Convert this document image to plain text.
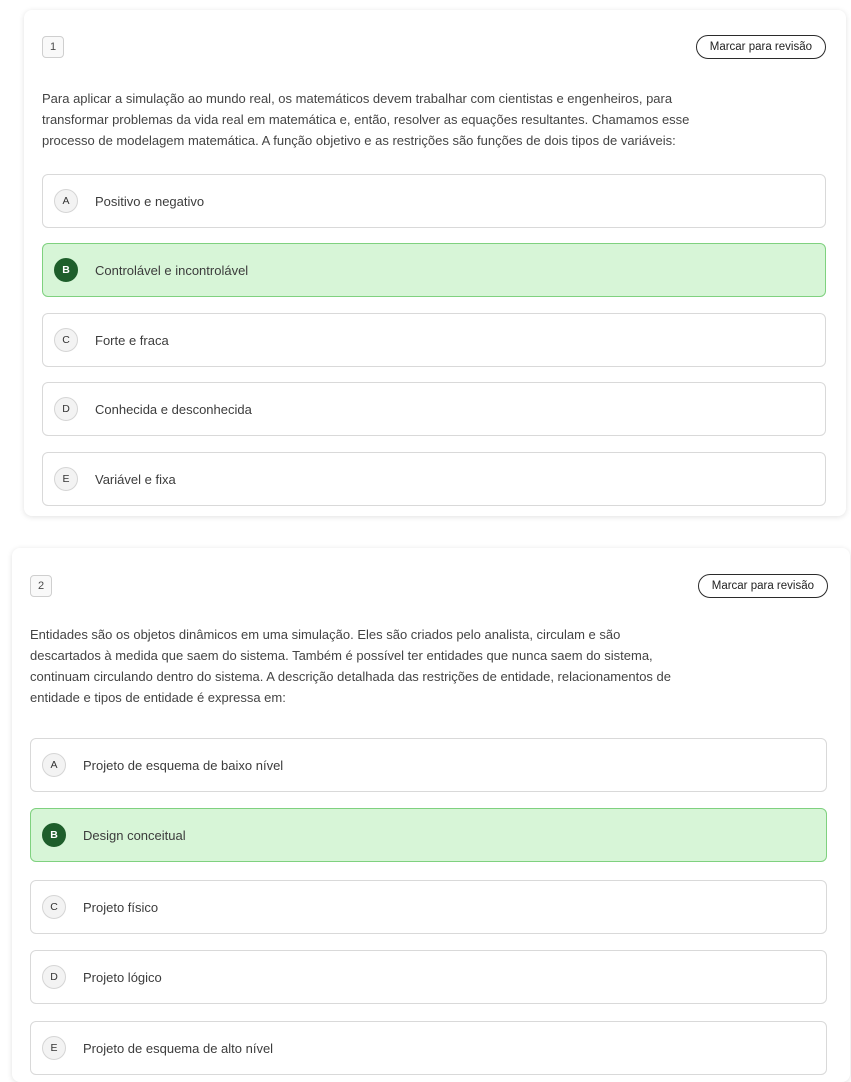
1	Marcar para revisão
Para aplicar a simulação ao mundo real, os matemáticos devem trabalhar com cientistas e engenheiros, para
transformar problemas da vida real em matemática e, então, resolver as equações resultantes. Chamamos esse
processo de modelagem matemática. A função objetivo e as restrições são funções de dois tipos de variáveis:
A	Positivo e negativo
B	Controlável e incontrolável
C	Forte e fraca
D	Conhecida e desconhecida
E	Variável e fixa
2	Marcar para revisão
Entidades são os objetos dinâmicos em uma simulação. Eles são criados pelo analista, circulam e são
descartados à medida que saem do sistema. Também é possível ter entidades que nunca saem do sistema,
continuam circulando dentro do sistema. A descrição detalhada das restrições de entidade, relacionamentos de
entidade e tipos de entidade é expressa em:
A	Projeto de esquema de baixo nível
B	Design conceitual
C	Projeto físico
D	Projeto lógico
E	Projeto de esquema de alto nível
